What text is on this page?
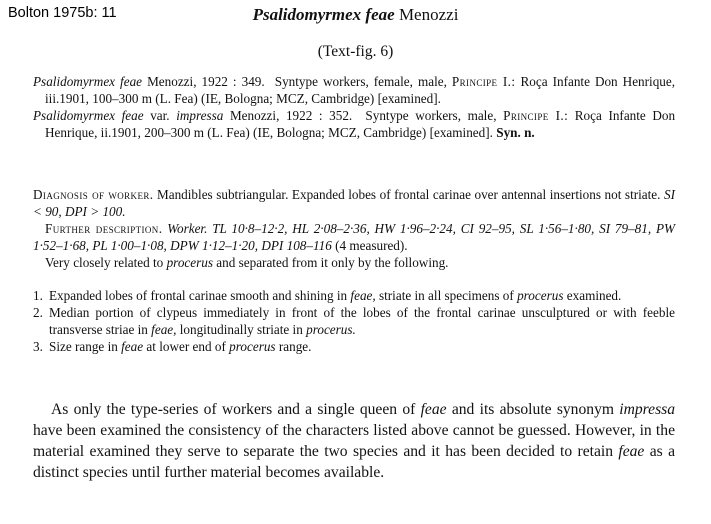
Bolton 1975b: 11	Psalidomyrmex feae Menozzi
(Text-fig. 6)

Psalidomyrmex feae Menozzi, 1922 : 349. Syntype workers, female, male, Principe I.: Roça Infante Don Henrique, iii.1901, 100–300 m (L. Fea) (IE, Bologna; MCZ, Cambridge) [examined].

Psalidomyrmex feae var. impressa Menozzi, 1922 : 352. Syntype workers, male, Principe I.: Roça Infante Don Henrique, ii.1901, 200–300 m (L. Fea) (IE, Bologna; MCZ, Cambridge) [examined]. Syn. n.

Diagnosis of worker. Mandibles subtriangular. Expanded lobes of frontal carinae over antennal insertions not striate. SI < 90, DPI > 100.

Further description. Worker. TL 10·8–12·2, HL 2·08–2·36, HW 1·96–2·24, CI 92–95, SL 1·56–1·80, SI 79–81, PW 1·52–1·68, PL 1·00–1·08, DPW 1·12–1·20, DPI 108–116 (4 measured).

Very closely related to procerus and separated from it only by the following.

1. Expanded lobes of frontal carinae smooth and shining in feae, striate in all specimens of procerus examined.
2. Median portion of clypeus immediately in front of the lobes of the frontal carinae unsculptured or with feeble transverse striae in feae, longitudinally striate in procerus.
3. Size range in feae at lower end of procerus range.
As only the type-series of workers and a single queen of feae and its absolute synonym impressa have been examined the consistency of the characters listed above cannot be guessed. However, in the material examined they serve to separate the two species and it has been decided to retain feae as a distinct species until further material becomes available.
